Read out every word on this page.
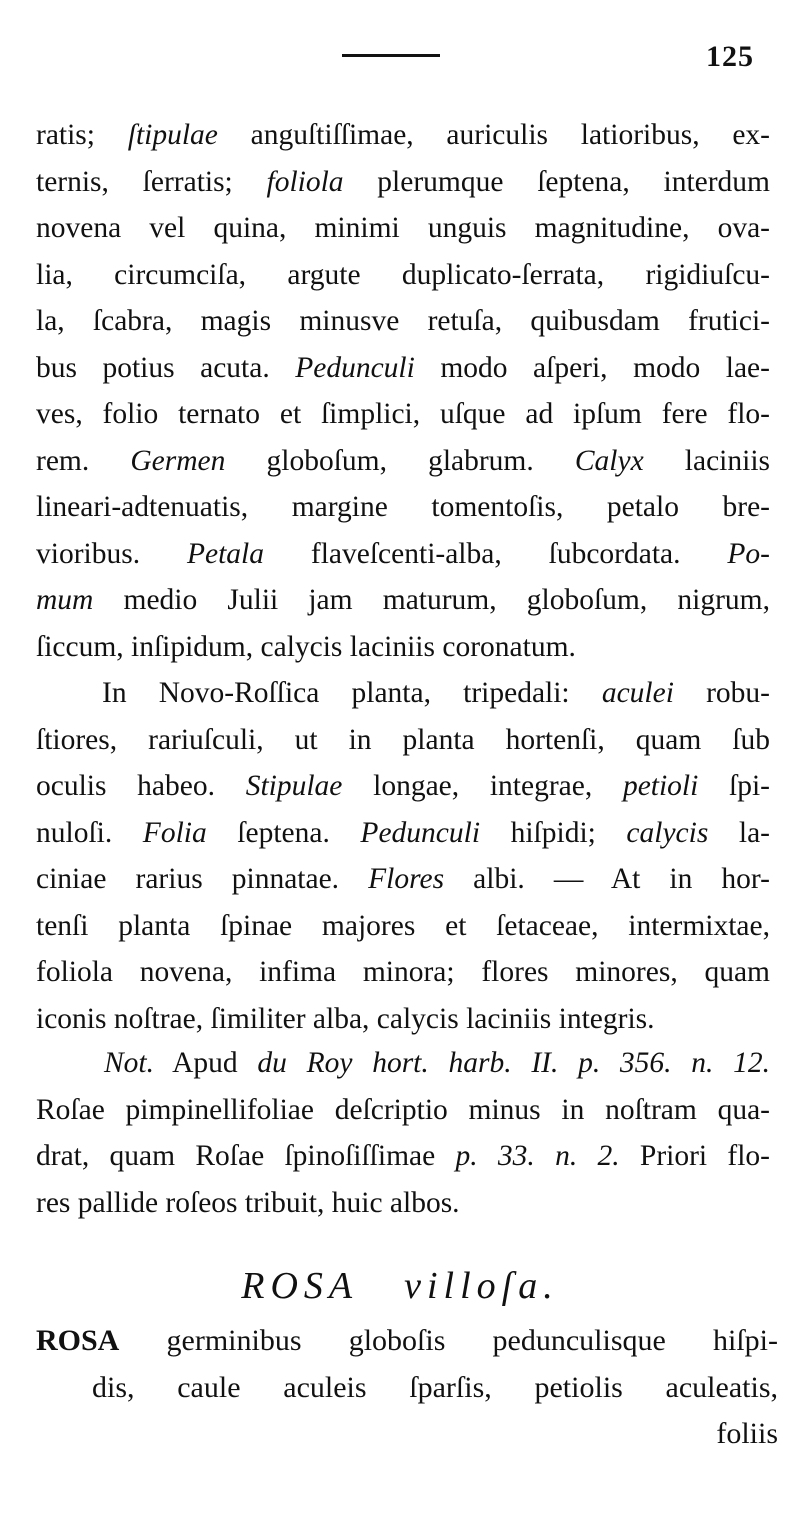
125
ratis; ſtipulae anguſtiſſimae, auriculis latioribus, ex-
ternis, ſerratis; foliola plerumque ſeptena, interdum
novena vel quina, minimi unguis magnitudine, ova-
lia, circumciſa, argute duplicato-ſerrata, rigidiuſcu-
la, ſcabra, magis minusve retuſa, quibusdam frutici-
bus potius acuta. Pedunculi modo aſperi, modo lae-
ves, folio ternato et ſimplici, uſque ad ipſum fere flo-
rem. Germen globoſum, glabrum. Calyx laciniis
lineari-adtenuatis, margine tomentoſis, petalo bre-
vioribus. Petala flaveſcenti-alba, ſubcordata. Po-
mum medio Julii jam maturum, globoſum, nigrum,
ſiccum, inſipidum, calycis laciniis coronatum.
In Novo-Roſſica planta, tripedali: aculei robu-
ſtiores, rariuſculi, ut in planta hortenſi, quam ſub
oculis habeo. Stipulae longae, integrae, petioli ſpi-
nuloſi. Folia ſeptena. Pedunculi hiſpidi; calycis la-
ciniae rarius pinnatae. Flores albi. — At in hor-
tenſi planta ſpinae majores et ſetaceae, intermixtae,
foliola novena, infima minora; flores minores, quam
iconis noſtrae, ſimiliter alba, calycis laciniis integris.
Not. Apud du Roy hort. harb. II. p. 356. n. 12.
Roſae pimpinellifoliae deſcriptio minus in noſtram qua-
drat, quam Roſae ſpinoſiſſimae p. 33. n. 2. Priori flo-
res pallide roſeos tribuit, huic albos.
ROSA villoſa.
ROSA germinibus globoſis pedunculisque hiſpi-
dis, caule aculeis ſparſis, petiolis aculeatis,
foliis
